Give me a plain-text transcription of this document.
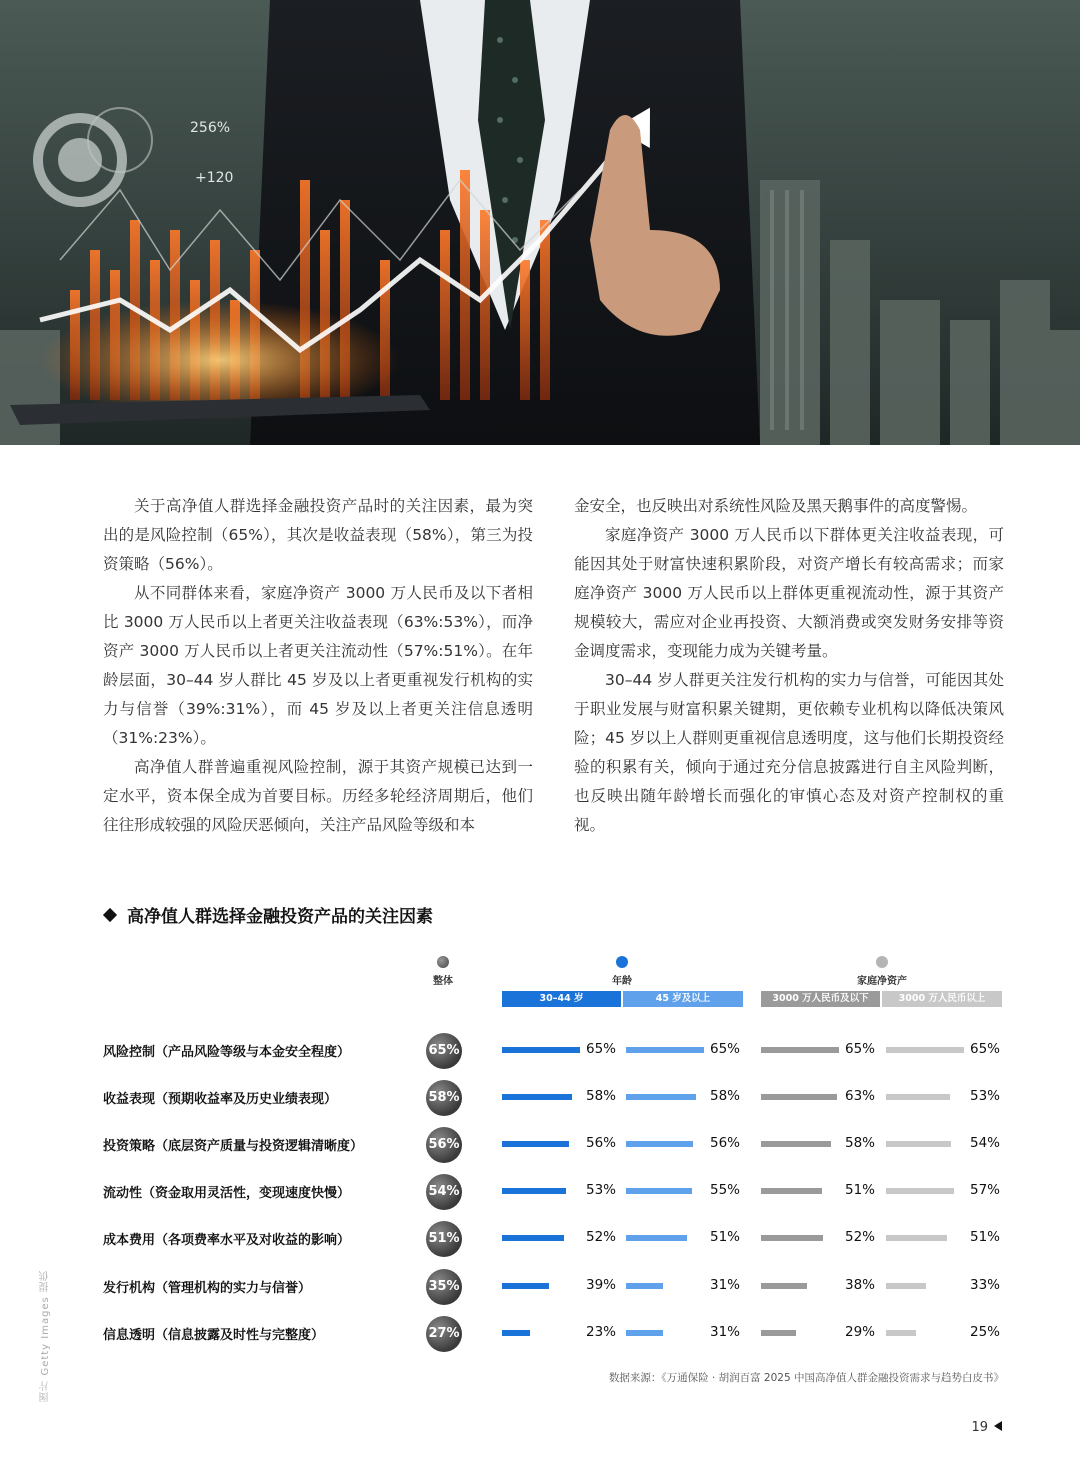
256%
+120

关于高净值人群选择金融投资产品时的关注因素，最为突出的是风险控制（65%），其次是收益表现（58%），第三为投资策略（56%）。

从不同群体来看，家庭净资产 3000 万人民币及以下者相比 3000 万人民币以上者更关注收益表现（63%:53%），而净资产 3000 万人民币以上者更关注流动性（57%:51%）。在年龄层面，30–44 岁人群比 45 岁及以上者更重视发行机构的实力与信誉（39%:31%），而 45 岁及以上者更关注信息透明（31%:23%）。

高净值人群普遍重视风险控制，源于其资产规模已达到一定水平，资本保全成为首要目标。历经多轮经济周期后，他们往往形成较强的风险厌恶倾向，关注产品风险等级和本

金安全，也反映出对系统性风险及黑天鹅事件的高度警惕。

家庭净资产 3000 万人民币以下群体更关注收益表现，可能因其处于财富快速积累阶段，对资产增长有较高需求；而家庭净资产 3000 万人民币以上群体更重视流动性，源于其资产规模较大，需应对企业再投资、大额消费或突发财务安排等资金调度需求，变现能力成为关键考量。

30–44 岁人群更关注发行机构的实力与信誉，可能因其处于职业发展与财富积累关键期，更依赖专业机构以降低决策风险；45 岁以上人群则更重视信息透明度，这与他们长期投资经验的积累有关，倾向于通过充分信息披露进行自主风险判断，也反映出随年龄增长而强化的审慎心态及对资产控制权的重视。

高净值人群选择金融投资产品的关注因素
整体	年龄	家庭净资产
30–44 岁	45 岁及以上	3000 万人民币及以下	3000 万人民币以上
风险控制（产品风险等级与本金安全程度）	65%	65%	65%	65%	65%
收益表现（预期收益率及历史业绩表现）	58%	58%	58%	63%	53%
投资策略（底层资产质量与投资逻辑清晰度）	56%	56%	56%	58%	54%
流动性（资金取用灵活性，变现速度快慢）	54%	53%	55%	51%	57%
成本费用（各项费率水平及对收益的影响）	51%	52%	51%	52%	51%
发行机构（管理机构的实力与信誉）	35%	39%	31%	38%	33%
信息透明（信息披露及时性与完整度）	27%	23%	31%	29%	25%
数据来源：《万通保险 · 胡润百富 2025 中国高净值人群金融投资需求与趋势白皮书》
图片 Getty Images 提供
19
